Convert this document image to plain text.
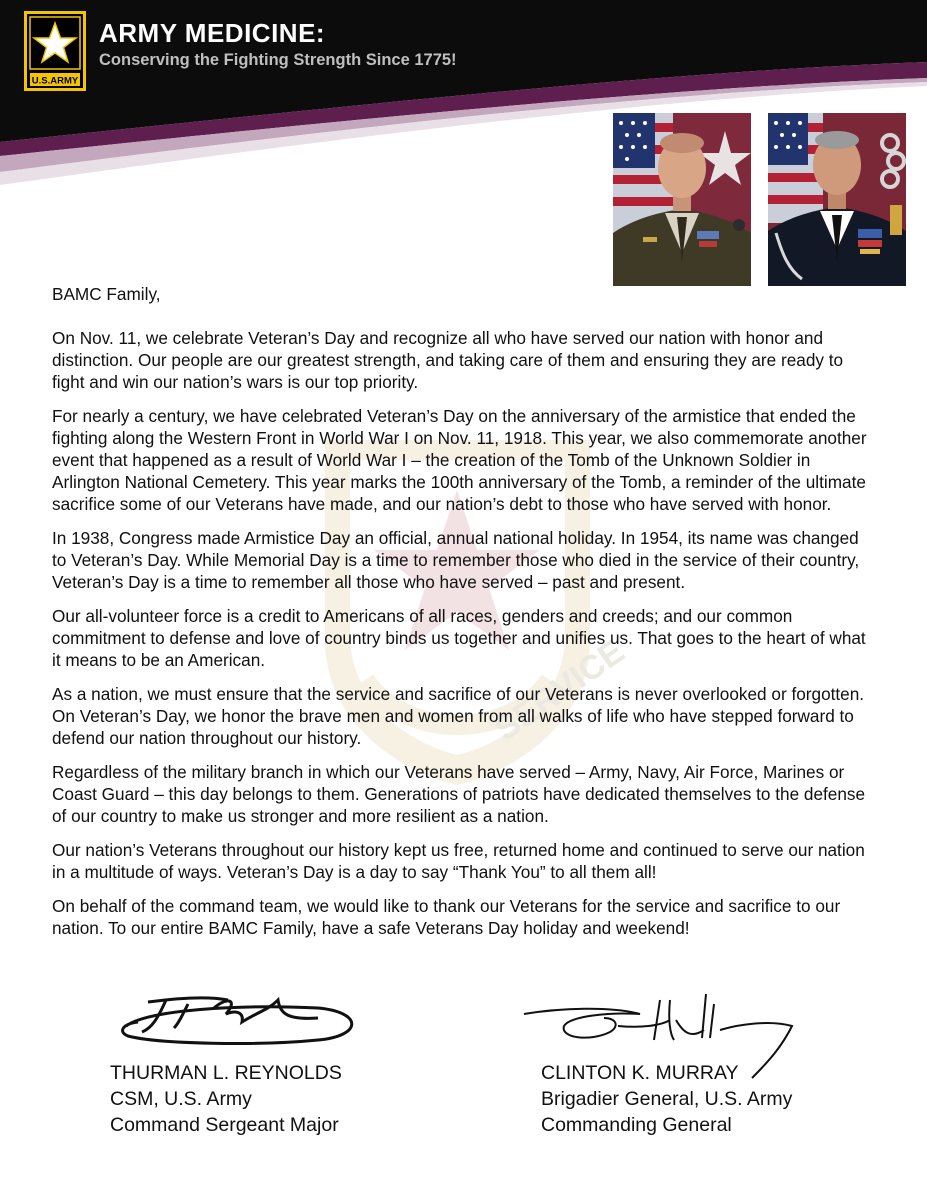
U.S.ARMY
ARMY MEDICINE:
Conserving the Fighting Strength Since 1775!
SERVICE

BAMC Family,

On Nov. 11, we celebrate Veteran’s Day and recognize all who have served our nation with honor and distinction. Our people are our greatest strength, and taking care of them and ensuring they are ready to fight and win our nation’s wars is our top priority.

For nearly a century, we have celebrated Veteran’s Day on the anniversary of the armistice that ended the fighting along the Western Front in World War I on Nov. 11, 1918. This year, we also commemorate another event that happened as a result of World War I – the creation of the Tomb of the Unknown Soldier in Arlington National Cemetery. This year marks the 100th anniversary of the Tomb, a reminder of the ultimate sacrifice some of our Veterans have made, and our nation’s debt to those who have served with honor.

In 1938, Congress made Armistice Day an official, annual national holiday. In 1954, its name was changed to Veteran’s Day. While Memorial Day is a time to remember those who died in the service of their country, Veteran’s Day is a time to remember all those who have served – past and present.

Our all-volunteer force is a credit to Americans of all races, genders and creeds; and our common commitment to defense and love of country binds us together and unifies us. That goes to the heart of what it means to be an American.

As a nation, we must ensure that the service and sacrifice of our Veterans is never overlooked or forgotten. On Veteran’s Day, we honor the brave men and women from all walks of life who have stepped forward to defend our nation throughout our history.

Regardless of the military branch in which our Veterans have served – Army, Navy, Air Force, Marines or Coast Guard – this day belongs to them. Generations of patriots have dedicated themselves to the defense of our country to make us stronger and more resilient as a nation.

Our nation’s Veterans throughout our history kept us free, returned home and continued to serve our nation in a multitude of ways. Veteran’s Day is a day to say “Thank You” to all them all!

On behalf of the command team, we would like to thank our Veterans for the service and sacrifice to our nation. To our entire BAMC Family, have a safe Veterans Day holiday and weekend!

THURMAN L. REYNOLDS
CSM, U.S. Army
Command Sergeant Major
CLINTON K. MURRAY
Brigadier General, U.S. Army
Commanding General
